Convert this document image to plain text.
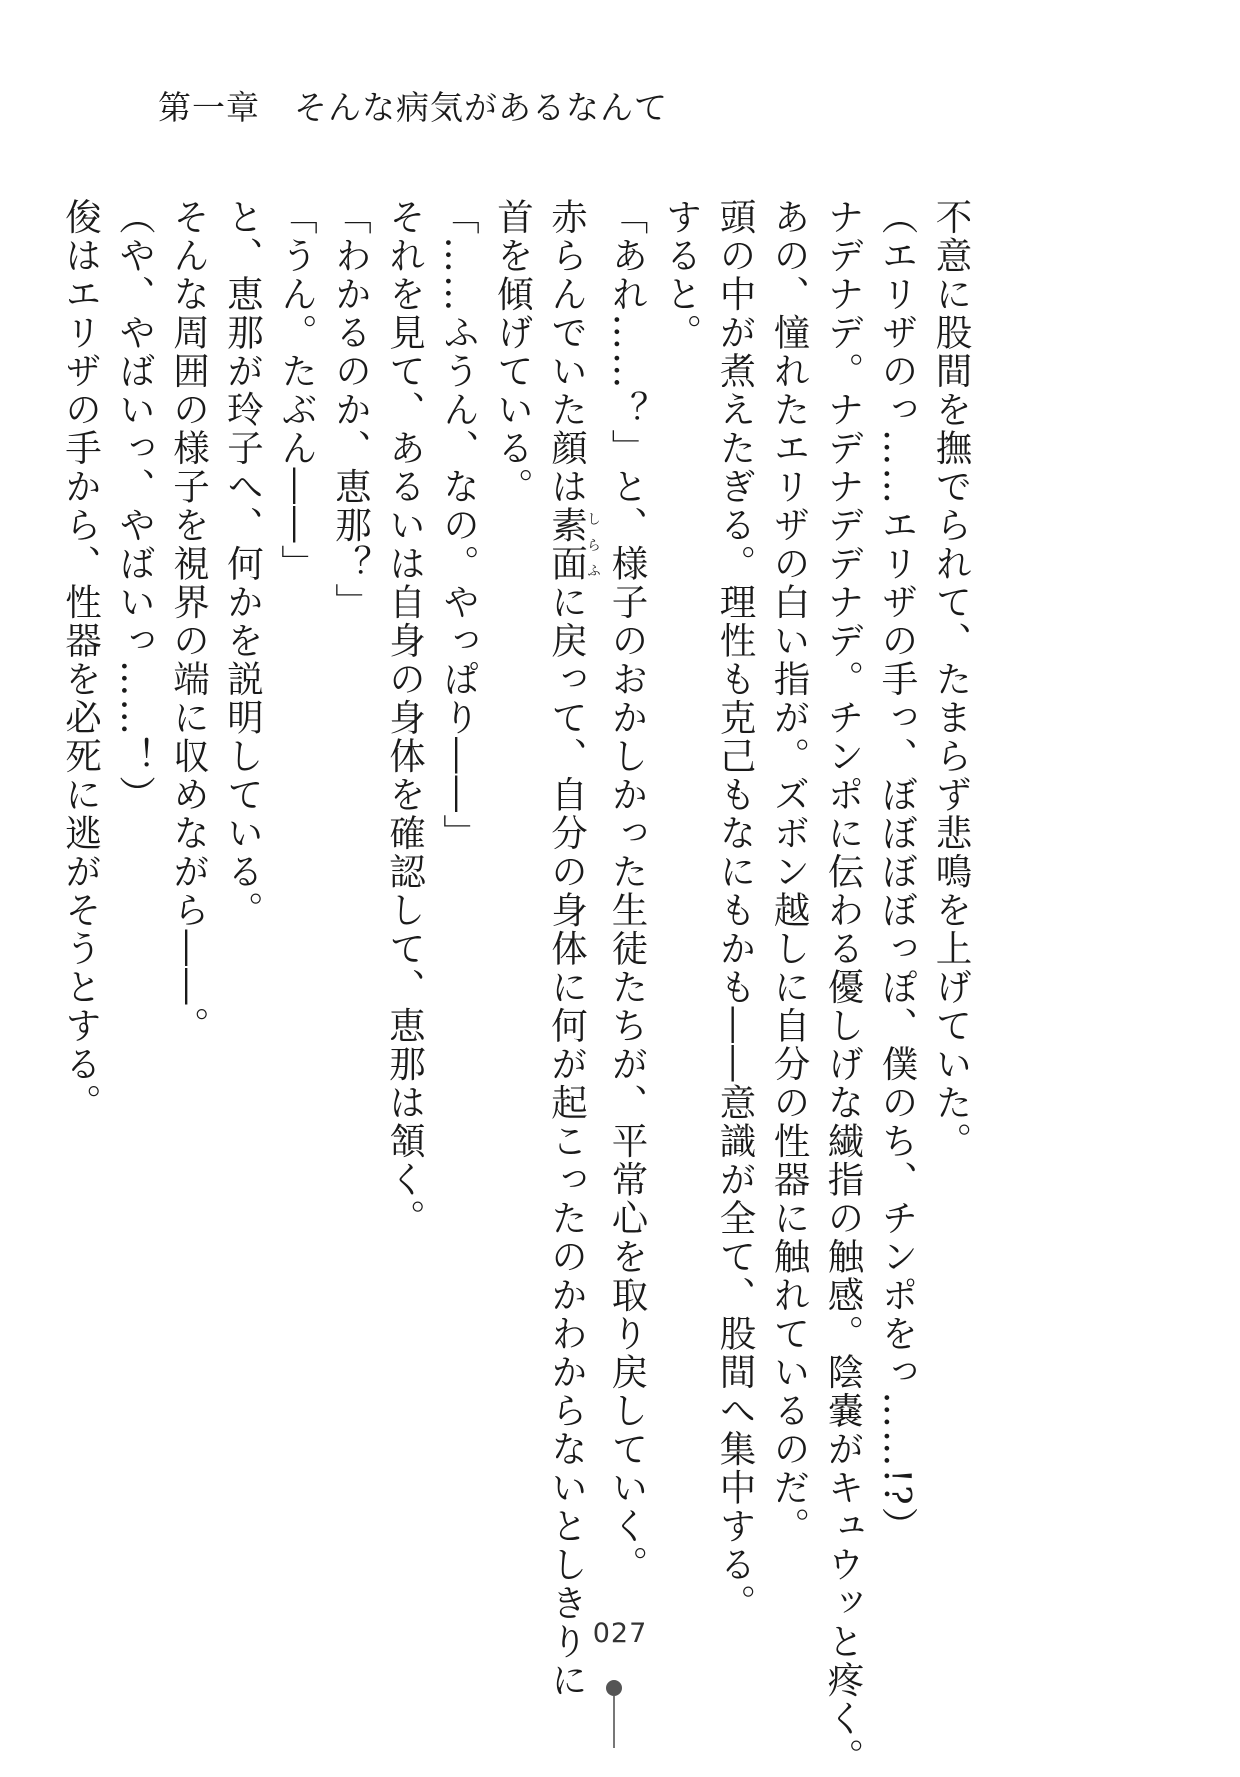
第一章　 そんな病気があるなんて

不意に股間を撫でられて、たまらず悲鳴を上げていた。

（エリザのっ……エリザの手っ、ぼぼぼぼっぽ、僕のち、チンポをっ……!?）

ナデナデ。ナデナデデナデ。チンポに伝わる優しげな繊指の触感。陰嚢がキュウッと疼く。

あの、憧れたエリザの白い指が。ズボン越しに自分の性器に触れているのだ。

頭の中が煮えたぎる。理性も克己もなにもかも――意識が全て、股間へ集中する。

すると。

「あれ……？」と、様子のおかしかった生徒たちが、平常心を取り戻していく。

赤らんでいた顔は素面しらふに戻って、自分の身体に何が起こったのかわからないとしきりに

首を傾げている。

「……ふうん、なの。やっぱり――」

それを見て、あるいは自身の身体を確認して、恵那は頷く。

「わかるのか、恵那？」

「うん。たぶん――」

と、恵那が玲子へ、何かを説明している。

そんな周囲の様子を視界の端に収めながら――。

（や、やばいっ、やばいっ……！）

俊はエリザの手から、性器を必死に逃がそうとする。

027
